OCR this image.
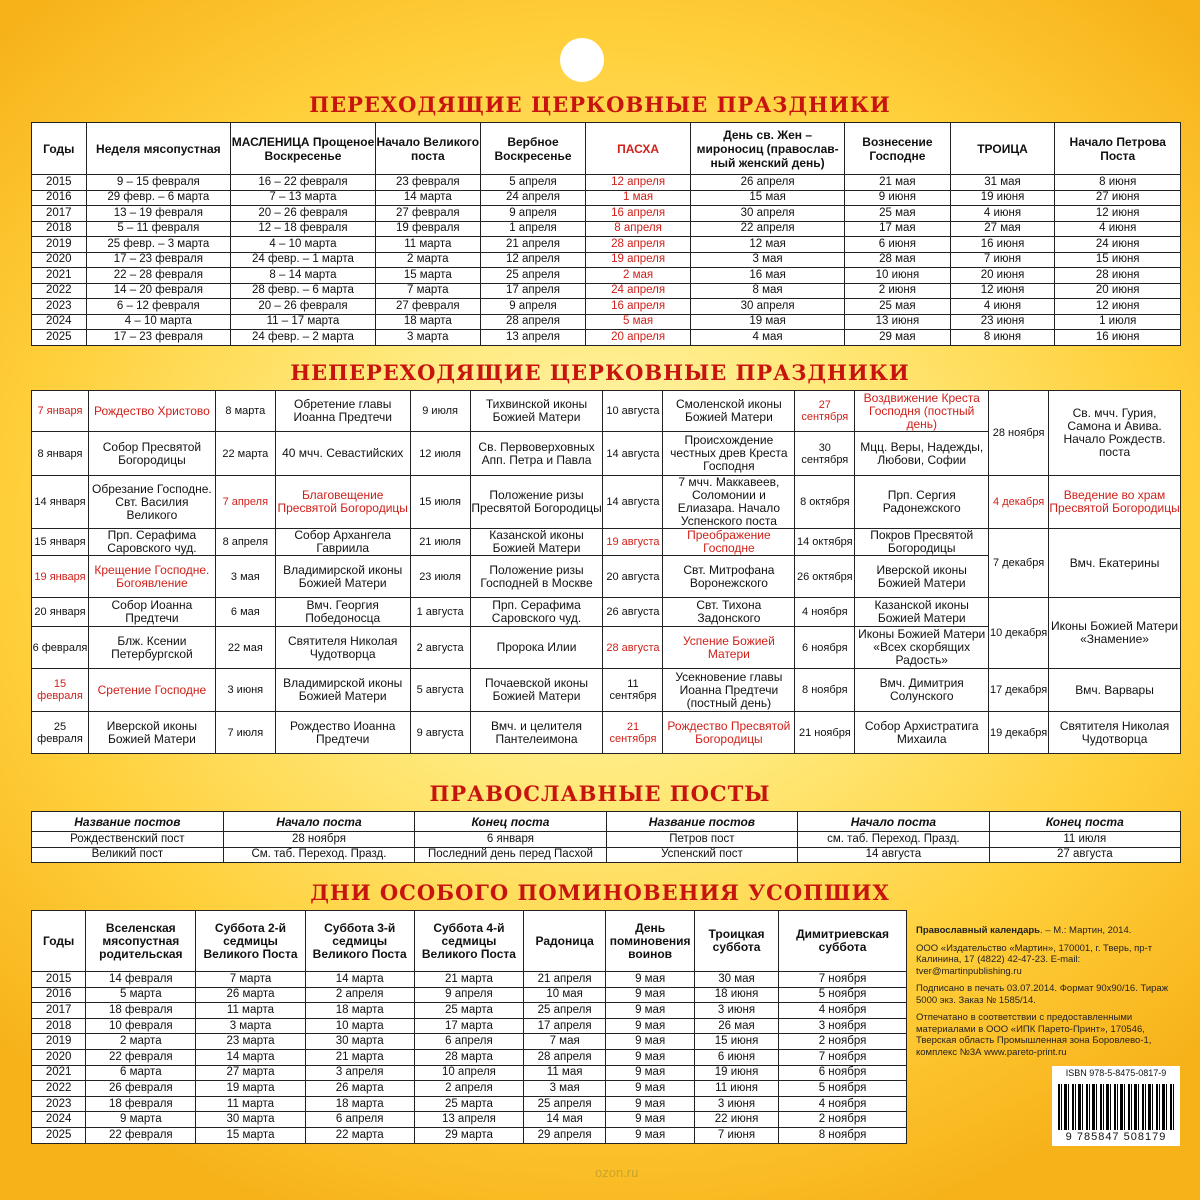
ПЕРЕХОДЯЩИЕ ЦЕРКОВНЫЕ ПРАЗДНИКИ
Годы	Неделя мясопустная	МАСЛЕНИЦА Прощеное Воскресенье	Начало Великого поста	Вербное Воскресенье	ПАСХА	День св. Жен – мироносиц (православ-ный женский день)	Вознесение Господне	ТРОИЦА	Начало Петрова Поста
2015	9 – 15 февраля	16 – 22 февраля	23 февраля	5 апреля	12 апреля	26 апреля	21 мая	31 мая	8 июня
2016	29 февр. – 6 марта	7 – 13 марта	14 марта	24 апреля	1 мая	15 мая	9 июня	19 июня	27 июня
2017	13 – 19 февраля	20 – 26 февраля	27 февраля	9 апреля	16 апреля	30 апреля	25 мая	4 июня	12 июня
2018	5 – 11 февраля	12 – 18 февраля	19 февраля	1 апреля	8 апреля	22 апреля	17 мая	27 мая	4 июня
2019	25 февр. – 3 марта	4 – 10 марта	11 марта	21 апреля	28 апреля	12 мая	6 июня	16 июня	24 июня
2020	17 – 23 февраля	24 февр. – 1 марта	2 марта	12 апреля	19 апреля	3 мая	28 мая	7 июня	15 июня
2021	22 – 28 февраля	8 – 14 марта	15 марта	25 апреля	2 мая	16 мая	10 июня	20 июня	28 июня
2022	14 – 20 февраля	28 февр. – 6 марта	7 марта	17 апреля	24 апреля	8 мая	2 июня	12 июня	20 июня
2023	6 – 12 февраля	20 – 26 февраля	27 февраля	9 апреля	16 апреля	30 апреля	25 мая	4 июня	12 июня
2024	4 – 10 марта	11 – 17 марта	18 марта	28 апреля	5 мая	19 мая	13 июня	23 июня	1 июля
2025	17 – 23 февраля	24 февр. – 2 марта	3 марта	13 апреля	20 апреля	4 мая	29 мая	8 июня	16 июня
НЕПЕРЕХОДЯЩИЕ ЦЕРКОВНЫЕ ПРАЗДНИКИ
7 января	Рождество Христово	8 марта	Обретение главы Иоанна Предтечи	9 июля	Тихвинской иконы Божией Матери	10 августа	Смоленской иконы Божией Матери	27 сентября	Воздвижение Креста Господня (постный день)	28 ноября	Св. мчч. Гурия, Самона и Авива. Начало Рождеств. поста
8 января	Собор Пресвятой Богородицы	22 марта	40 мчч. Севастийских	12 июля	Св. Первоверховных Апп. Петра и Павла	14 августа	Происхождение честных древ Креста Господня	30 сентября	Мцц. Веры, Надежды, Любови, Софии		
14 января	Обрезание Господне. Свт. Василия Великого	7 апреля	Благовещение Пресвятой Богородицы	15 июля	Положение ризы Пресвятой Богородицы	14 августа	7 мчч. Маккавеев, Соломонии и Елиазара. Начало Успенского поста	8 октября	Прп. Сергия Радонежского	4 декабря	Введение во храм Пресвятой Богородицы
15 января	Прп. Серафима Саровского чуд.	8 апреля	Собор Архангела Гавриила	21 июля	Казанской иконы Божией Матери	19 августа	Преображение Господне	14 октября	Покров Пресвятой Богородицы	7 декабря	Вмч. Екатерины
19 января	Крещение Господне. Богоявление	3 мая	Владимирской иконы Божией Матери	23 июля	Положение ризы Господней в Москве	20 августа	Свт. Митрофана Воронежского	26 октября	Иверской иконы Божией Матери		
20 января	Собор Иоанна Предтечи	6 мая	Вмч. Георгия Победоносца	1 августа	Прп. Серафима Саровского чуд.	26 августа	Свт. Тихона Задонского	4 ноября	Казанской иконы Божией Матери	10 декабря	Иконы Божией Матери «Знамение»
6 февраля	Блж. Ксении Петербургской	22 мая	Святителя Николая Чудотворца	2 августа	Пророка Илии	28 августа	Успение Божией Матери	6 ноября	Иконы Божией Матери «Всех скорбящих Радость»		
15 февраля	Сретение Господне	3 июня	Владимирской иконы Божией Матери	5 августа	Почаевской иконы Божией Матери	11 сентября	Усекновение главы Иоанна Предтечи (постный день)	8 ноября	Вмч. Димитрия Солунского	17 декабря	Вмч. Варвары
25 февраля	Иверской иконы Божией Матери	7 июля	Рождество Иоанна Предтечи	9 августа	Вмч. и целителя Пантелеимона	21 сентября	Рождество Пресвятой Богородицы	21 ноября	Собор Архистратига Михаила	19 декабря	Святителя Николая Чудотворца
ПРАВОСЛАВНЫЕ ПОСТЫ
Название постов	Начало поста	Конец поста	Название постов	Начало поста	Конец поста
Рождественский пост	28 ноября	6 января	Петров пост	см. таб. Переход. Празд.	11 июля
Великий пост	См. таб. Переход. Празд.	Последний день перед Пасхой	Успенский пост	14 августа	27 августа
ДНИ ОСОБОГО ПОМИНОВЕНИЯ УСОПШИХ
Годы	Вселенская мясопустная родительская	Суббота 2-й седмицы Великого Поста	Суббота 3-й седмицы Великого Поста	Суббота 4-й седмицы Великого Поста	Радоница	День поминовения воинов	Троицкая суббота	Димитриевская суббота
2015	14 февраля	7 марта	14 марта	21 марта	21 апреля	9 мая	30 мая	7 ноября
2016	5 марта	26 марта	2 апреля	9 апреля	10 мая	9 мая	18 июня	5 ноября
2017	18 февраля	11 марта	18 марта	25 марта	25 апреля	9 мая	3 июня	4 ноября
2018	10 февраля	3 марта	10 марта	17 марта	17 апреля	9 мая	26 мая	3 ноября
2019	2 марта	23 марта	30 марта	6 апреля	7 мая	9 мая	15 июня	2 ноября
2020	22 февраля	14 марта	21 марта	28 марта	28 апреля	9 мая	6 июня	7 ноября
2021	6 марта	27 марта	3 апреля	10 апреля	11 мая	9 мая	19 июня	6 ноября
2022	26 февраля	19 марта	26 марта	2 апреля	3 мая	9 мая	11 июня	5 ноября
2023	18 февраля	11 марта	18 марта	25 марта	25 апреля	9 мая	3 июня	4 ноября
2024	9 марта	30 марта	6 апреля	13 апреля	14 мая	9 мая	22 июня	2 ноября
2025	22 февраля	15 марта	22 марта	29 марта	29 апреля	9 мая	7 июня	8 ноября

Православный календарь. – М.: Мартин, 2014.

ООО «Издательство «Мартин», 170001, г. Тверь, пр-т Калинина, 17 (4822) 42-47-23. E-mail: tver@martinpublishing.ru

Подписано в печать 03.07.2014. Формат 90x90/16. Тираж 5000 экз. Заказ № 1585/14.

Отпечатано в соответствии с предоставленными материалами в ООО «ИПК Парето-Принт», 170546, Тверская область Промышленная зона Боровлево-1, комплекс №3А www.pareto-print.ru

ISBN 978-5-8475-0817-9
9 785847 508179
ozon.ru
